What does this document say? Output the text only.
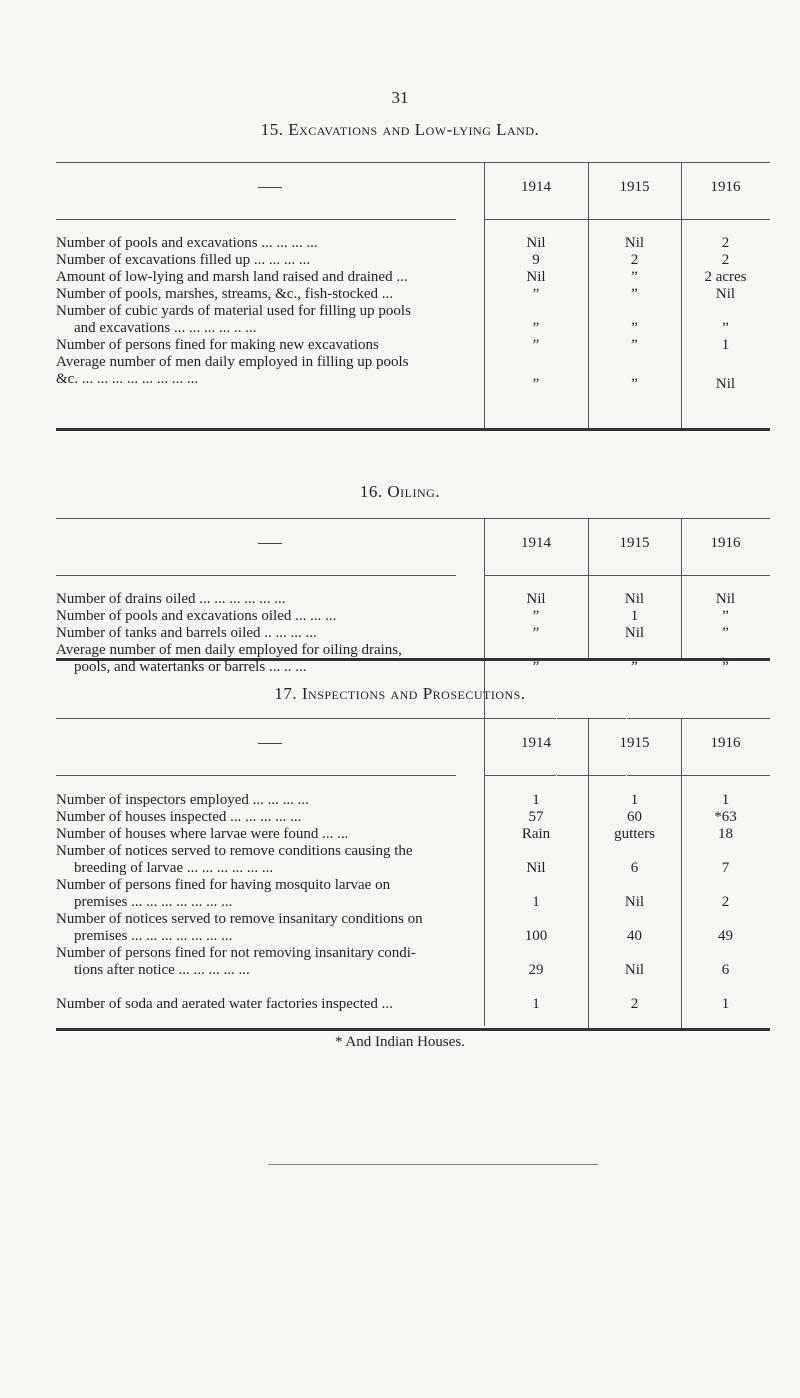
31
15. Excavations and Low-lying Land.
1914	1915	1916
Number of pools and excavations ... ... ... ...	Nil	Nil	2
Number of excavations filled up ... ... ... ...	9	2	2
Amount of low-lying and marsh land raised and drained ...	Nil	”	2 acres
Number of pools, marshes, streams, &c., fish-stocked ...	”	”	Nil
Number of cubic yards of material used for filling up pools
and excavations ... ... ... ... .. ...	”	”	”
Number of persons fined for making new excavations	”	”	1
Average number of men daily employed in filling up pools
&c. ... ... ... ... ... ... ... ...	”	”	Nil
16. Oiling.
1914	1915	1916
Number of drains oiled ... ... ... ... ... ...	Nil	Nil	Nil
Number of pools and excavations oiled ... ... ...	”	1	”
Number of tanks and barrels oiled .. ... ... ...	”	Nil	”
Average number of men daily employed for oiling drains,
pools, and watertanks or barrels ... .. ...	”	”	”
17. Inspections and Prosecutions.
1914	1915	1916
Number of inspectors employed ... ... ... ...	1	1	1
Number of houses inspected ... ... ... ... ...	57	60	*63
Number of houses where larvae were found ... ...	Rain	gutters	18
Number of notices served to remove conditions causing the
breeding of larvae ... ... ... ... ... ...	Nil	6	7
Number of persons fined for having mosquito larvae on
premises ... ... ... ... ... ... ...	1	Nil	2
Number of notices served to remove insanitary conditions on
premises ... ... ... ... ... ... ...	100	40	49
Number of persons fined for not removing insanitary condi-
tions after notice ... ... ... ... ...	29	Nil	6
Number of soda and aerated water factories inspected ...	1	2	1
* And Indian Houses.
